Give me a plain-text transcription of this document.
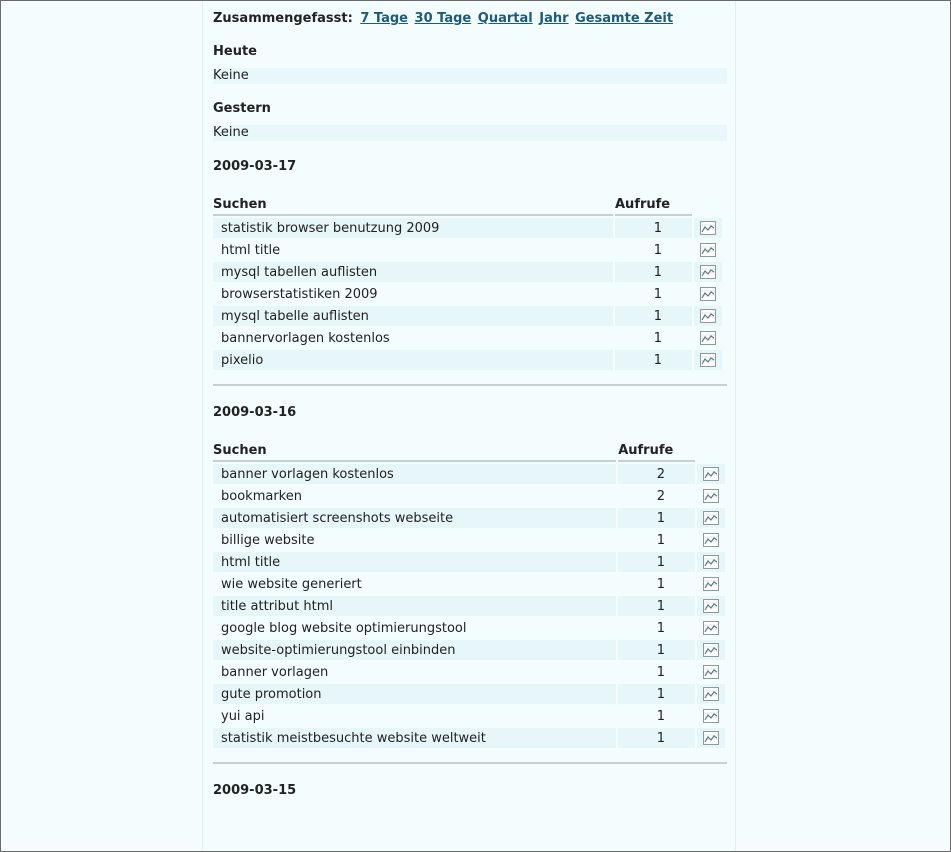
Zusammengefasst: 7 Tage 30 Tage Quartal Jahr Gesamte Zeit
Heute
Keine
Gestern
Keine
2009-03-17
Suchen	Aufrufe	
statistik browser benutzung 2009	1	
html title	1	
mysql tabellen auflisten	1	
browserstatistiken 2009	1	
mysql tabelle auflisten	1	
bannervorlagen kostenlos	1	
pixelio	1	
2009-03-16
Suchen	Aufrufe	
banner vorlagen kostenlos	2	
bookmarken	2	
automatisiert screenshots webseite	1	
billige website	1	
html title	1	
wie website generiert	1	
title attribut html	1	
google blog website optimierungstool	1	
website-optimierungstool einbinden	1	
banner vorlagen	1	
gute promotion	1	
yui api	1	
statistik meistbesuchte website weltweit	1	
2009-03-15
